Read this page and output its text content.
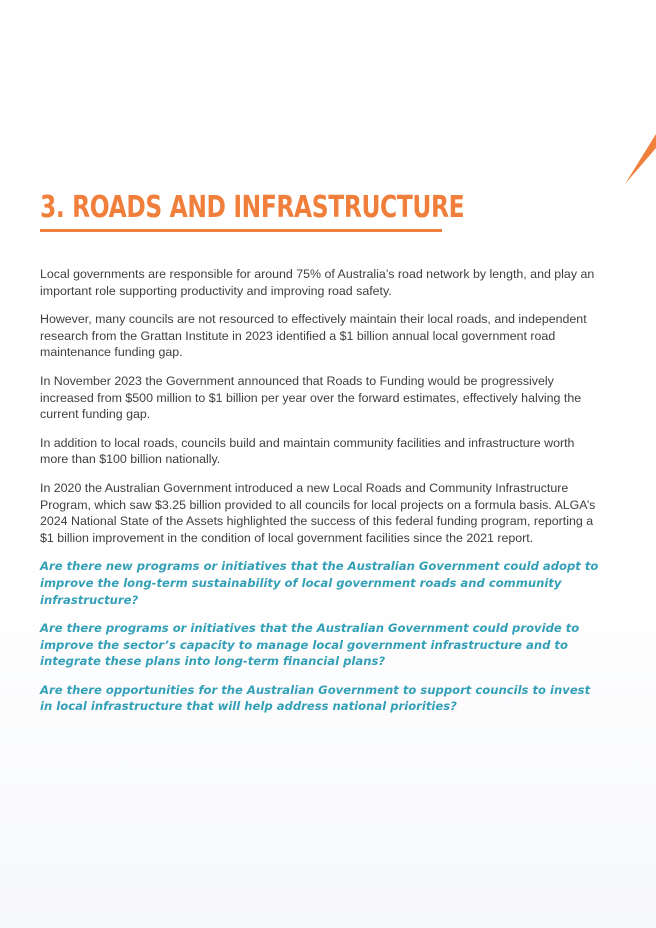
3. ROADS AND INFRASTRUCTURE

Local governments are responsible for around 75% of Australia’s road network by length, and play an important role supporting productivity and improving road safety.

However, many councils are not resourced to effectively maintain their local roads, and independent research from the Grattan Institute in 2023 identified a $1 billion annual local government road maintenance funding gap.

In November 2023 the Government announced that Roads to Funding would be progressively increased from $500 million to $1 billion per year over the forward estimates, effectively halving the current funding gap.

In addition to local roads, councils build and maintain community facilities and infrastructure worth more than $100 billion nationally.

In 2020 the Australian Government introduced a new Local Roads and Community Infrastructure Program, which saw $3.25 billion provided to all councils for local projects on a formula basis. ALGA’s 2024 National State of the Assets highlighted the success of this federal funding program, reporting a $1 billion improvement in the condition of local government facilities since the 2021 report.

Are there new programs or initiatives that the Australian Government could adopt to improve the long-term sustainability of local government roads and community infrastructure?

Are there programs or initiatives that the Australian Government could provide to improve the sector’s capacity to manage local government infrastructure and to integrate these plans into long-term financial plans?

Are there opportunities for the Australian Government to support councils to invest in local infrastructure that will help address national priorities?
